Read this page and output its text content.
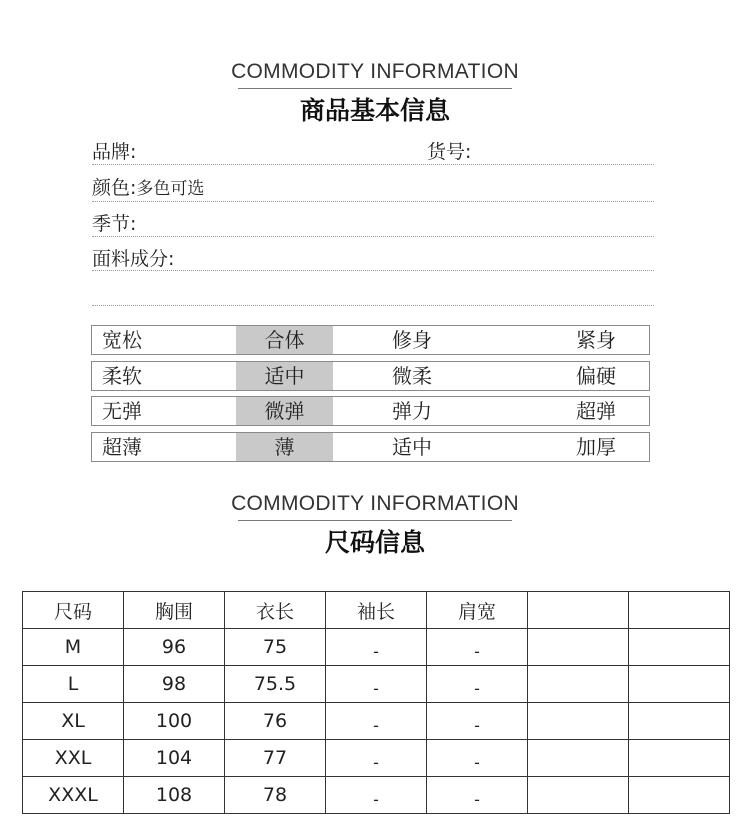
COMMODITY INFORMATION
商品基本信息
品牌:	货号:
颜色:多色可选
季节:
面料成分:
宽松	合体	修身	紧身
柔软	适中	微柔	偏硬
无弹	微弹	弹力	超弹
超薄	薄	适中	加厚
COMMODITY INFORMATION
尺码信息
尺码	胸围	衣长	袖长	肩宽		
M	96	75	-	-		
L	98	75.5	-	-		
XL	100	76	-	-		
XXL	104	77	-	-		
XXXL	108	78	-	-		
